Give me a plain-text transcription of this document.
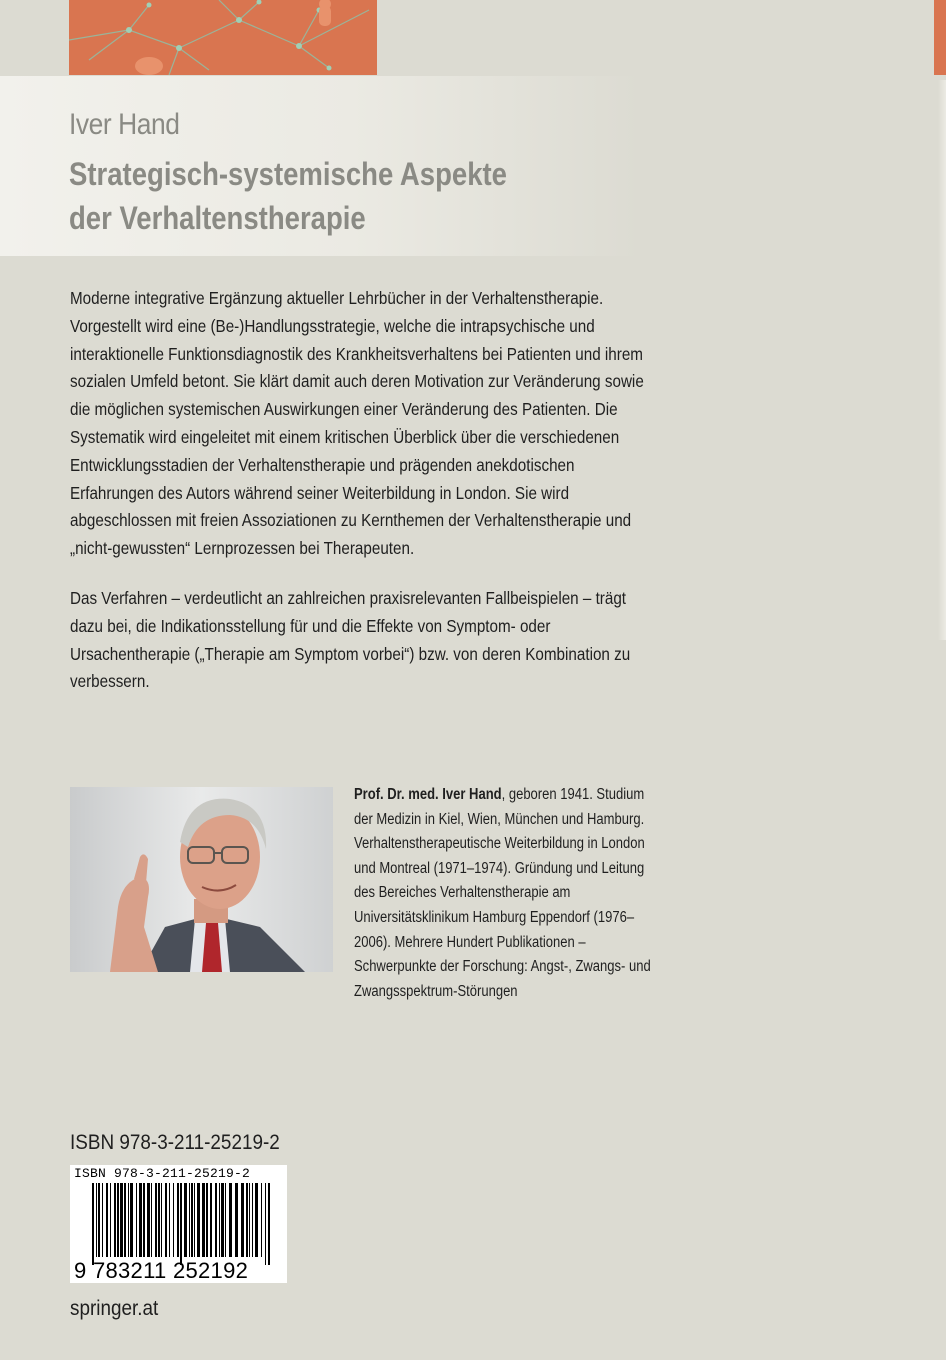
Iver Hand
Strategisch-systemische Aspekte
der Verhaltenstherapie

Moderne integrative Ergänzung aktueller Lehrbücher in der Verhaltenstherapie. Vorgestellt wird eine (Be-)Handlungsstrategie, welche die intrapsychische und interaktionelle Funktionsdiagnostik des Krankheitsverhaltens bei Patienten und ihrem sozialen Umfeld betont. Sie klärt damit auch deren Motivation zur Veränderung sowie die möglichen systemischen Auswirkungen einer Veränderung des Patienten. Die Systematik wird eingeleitet mit einem kritischen Überblick über die verschiedenen Entwicklungsstadien der Verhaltenstherapie und prägenden anekdotischen Erfahrungen des Autors während seiner Weiterbildung in London. Sie wird abgeschlossen mit freien Assoziationen zu Kernthemen der Verhaltenstherapie und „nicht-gewussten“ Lernprozessen bei Therapeuten.

Das Verfahren – verdeutlicht an zahlreichen praxisrelevanten Fallbeispielen – trägt dazu bei, die Indikationsstellung für und die Effekte von Symptom- oder Ursachentherapie („Therapie am Symptom vorbei“) bzw. von deren Kombination zu verbessern.

Prof. Dr. med. Iver Hand, geboren 1941. Studium der Medizin in Kiel, Wien, München und Hamburg. Verhaltenstherapeutische Weiterbildung in London und Montreal (1971–1974). Gründung und Leitung des Bereiches Verhaltenstherapie am Universitätsklinikum Hamburg Eppendorf (1976–2006). Mehrere Hundert Publikationen – Schwerpunkte der Forschung: Angst-, Zwangs- und Zwangsspektrum-Störungen
ISBN 978-3-211-25219-2
ISBN 978-3-211-25219-2
9 783211 252192
springer.at
